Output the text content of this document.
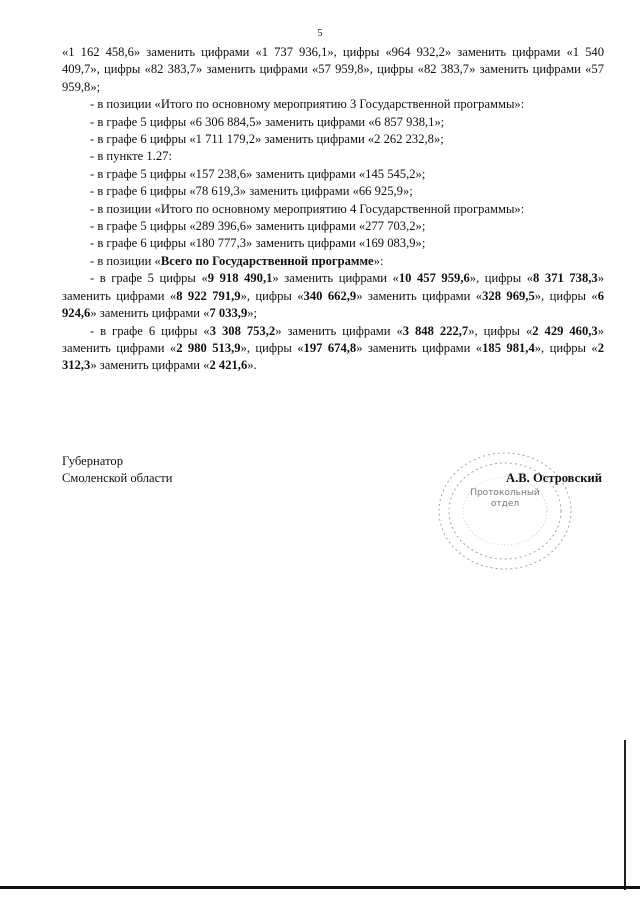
5

«1 162 458,6» заменить цифрами «1 737 936,1», цифры «964 932,2» заменить цифрами «1 540 409,7», цифры «82 383,7» заменить цифрами «57 959,8», цифры «82 383,7» заменить цифрами «57 959,8»;

- в позиции «Итого по основному мероприятию 3 Государственной программы»:

- в графе 5 цифры «6 306 884,5» заменить цифрами «6 857 938,1»;

- в графе 6 цифры «1 711 179,2» заменить цифрами «2 262 232,8»;

- в пункте 1.27:

- в графе 5 цифры «157 238,6» заменить цифрами «145 545,2»;

- в графе 6 цифры «78 619,3» заменить цифрами «66 925,9»;

- в позиции «Итого по основному мероприятию 4 Государственной программы»:

- в графе 5 цифры «289 396,6» заменить цифрами «277 703,2»;

- в графе 6 цифры «180 777,3» заменить цифрами «169 083,9»;

- в позиции «Всего по Государственной программе»:

- в графе 5 цифры «9 918 490,1» заменить цифрами «10 457 959,6», цифры «8 371 738,3» заменить цифрами «8 922 791,9», цифры «340 662,9» заменить цифрами «328 969,5», цифры «6 924,6» заменить цифрами «7 033,9»;

- в графе 6 цифры «3 308 753,2» заменить цифрами «3 848 222,7», цифры «2 429 460,3» заменить цифрами «2 980 513,9», цифры «197 674,8» заменить цифрами «185 981,4», цифры «2 312,3» заменить цифрами «2 421,6».

Протокольный
отдел
Губернатор
Смоленской области	А.В. Островский
